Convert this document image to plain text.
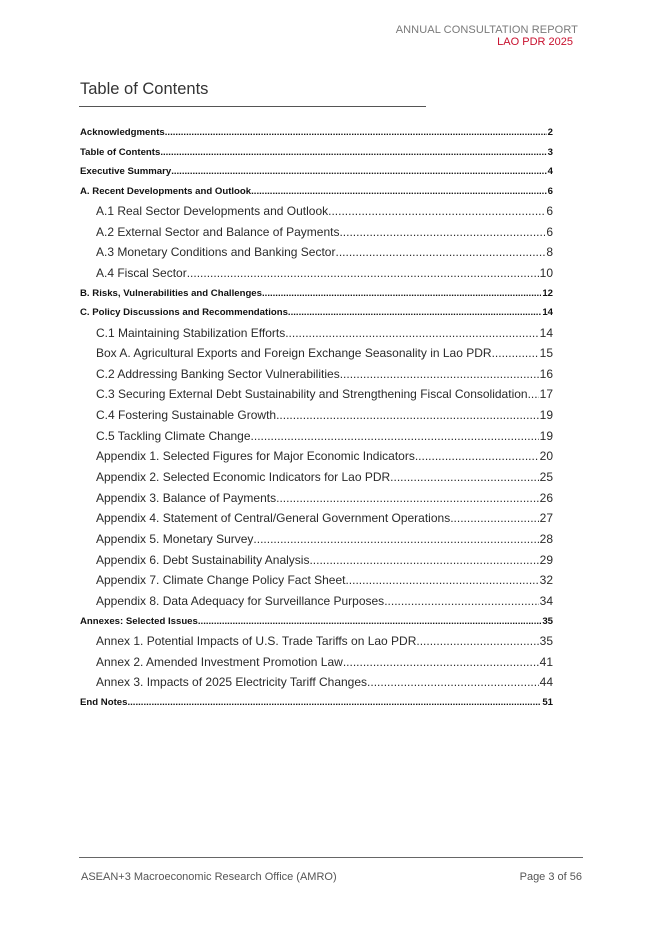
ANNUAL CONSULTATION REPORT
LAO PDR 2025
Table of Contents
Acknowledgments .....	2
Table of Contents .....	3
Executive Summary .....	4
A. Recent Developments and Outlook .....	6
A.1 Real Sector Developments and Outlook .....	6
A.2 External Sector and Balance of Payments .....	6
A.3 Monetary Conditions and Banking Sector .....	8
A.4 Fiscal Sector .....	10
B. Risks, Vulnerabilities and Challenges .....	12
C. Policy Discussions and Recommendations .....	14
C.1 Maintaining Stabilization Efforts .....	14
Box A. Agricultural Exports and Foreign Exchange Seasonality in Lao PDR .....	15
C.2 Addressing Banking Sector Vulnerabilities .....	16
C.3 Securing External Debt Sustainability and Strengthening Fiscal Consolidation ..... 17
C.4 Fostering Sustainable Growth .....	19
C.5 Tackling Climate Change .....	19
Appendix 1. Selected Figures for Major Economic Indicators .....	20
Appendix 2. Selected Economic Indicators for Lao PDR .....	25
Appendix 3. Balance of Payments .....	26
Appendix 4. Statement of Central/General Government Operations .....	27
Appendix 5. Monetary Survey .....	28
Appendix 6. Debt Sustainability Analysis .....	29
Appendix 7. Climate Change Policy Fact Sheet .....	32
Appendix 8. Data Adequacy for Surveillance Purposes .....	34
Annexes: Selected Issues .....	35
Annex 1. Potential Impacts of U.S. Trade Tariffs on Lao PDR .....	35
Annex 2. Amended Investment Promotion Law .....	41
Annex 3. Impacts of 2025 Electricity Tariff Changes .....	44
End Notes .....	51
ASEAN+3 Macroeconomic Research Office (AMRO)	Page 3 of 56
